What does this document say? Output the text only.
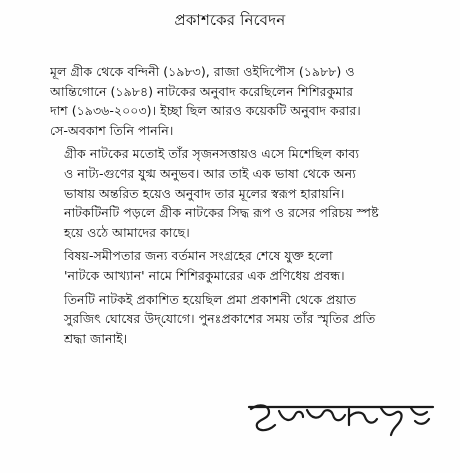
প্রকাশকের নিবেদন

মূল গ্রীক থেকে বন্দিনী (১৯৮৩), রাজা ওইদিপৌস (১৯৮৮) ও
আন্তিগোনে (১৯৮৪) নাটকের অনুবাদ করেছিলেন শিশিরকুমার
দাশ (১৯৩৬-২০০৩)। ইচ্ছা ছিল আরও কয়েকটি অনুবাদ করার।
সে-অবকাশ তিনি পাননি।

গ্রীক নাটকের মতোই তাঁর সৃজনসত্তায়ও এসে মিশেছিল কাব্য
ও নাট্য-গুণের যুগ্ম অনুভব। আর তাই এক ভাষা থেকে অন্য
ভাষায় অন্তরিত হয়েও অনুবাদ তার মূলের স্বরূপ হারায়নি।
নাটকটিনটি পড়লে গ্রীক নাটকের সিদ্ধ রূপ ও রসের পরিচয় স্পষ্ট
হয়ে ওঠে আমাদের কাছে।

বিষয়-সমীপতার জন্য বর্তমান সংগ্রহের শেষে যুক্ত হলো
'নাটকে আখ্যান' নামে শিশিরকুমারের এক প্রণিধেয় প্রবন্ধ।

তিনটি নাটকই প্রকাশিত হয়েছিল প্রমা প্রকাশনী থেকে প্রয়াত
সুরজিৎ ঘোষের উদ্‌যোগে। পুনঃপ্রকাশের সময় তাঁর স্মৃতির প্রতি
শ্রদ্ধা জানাই।
